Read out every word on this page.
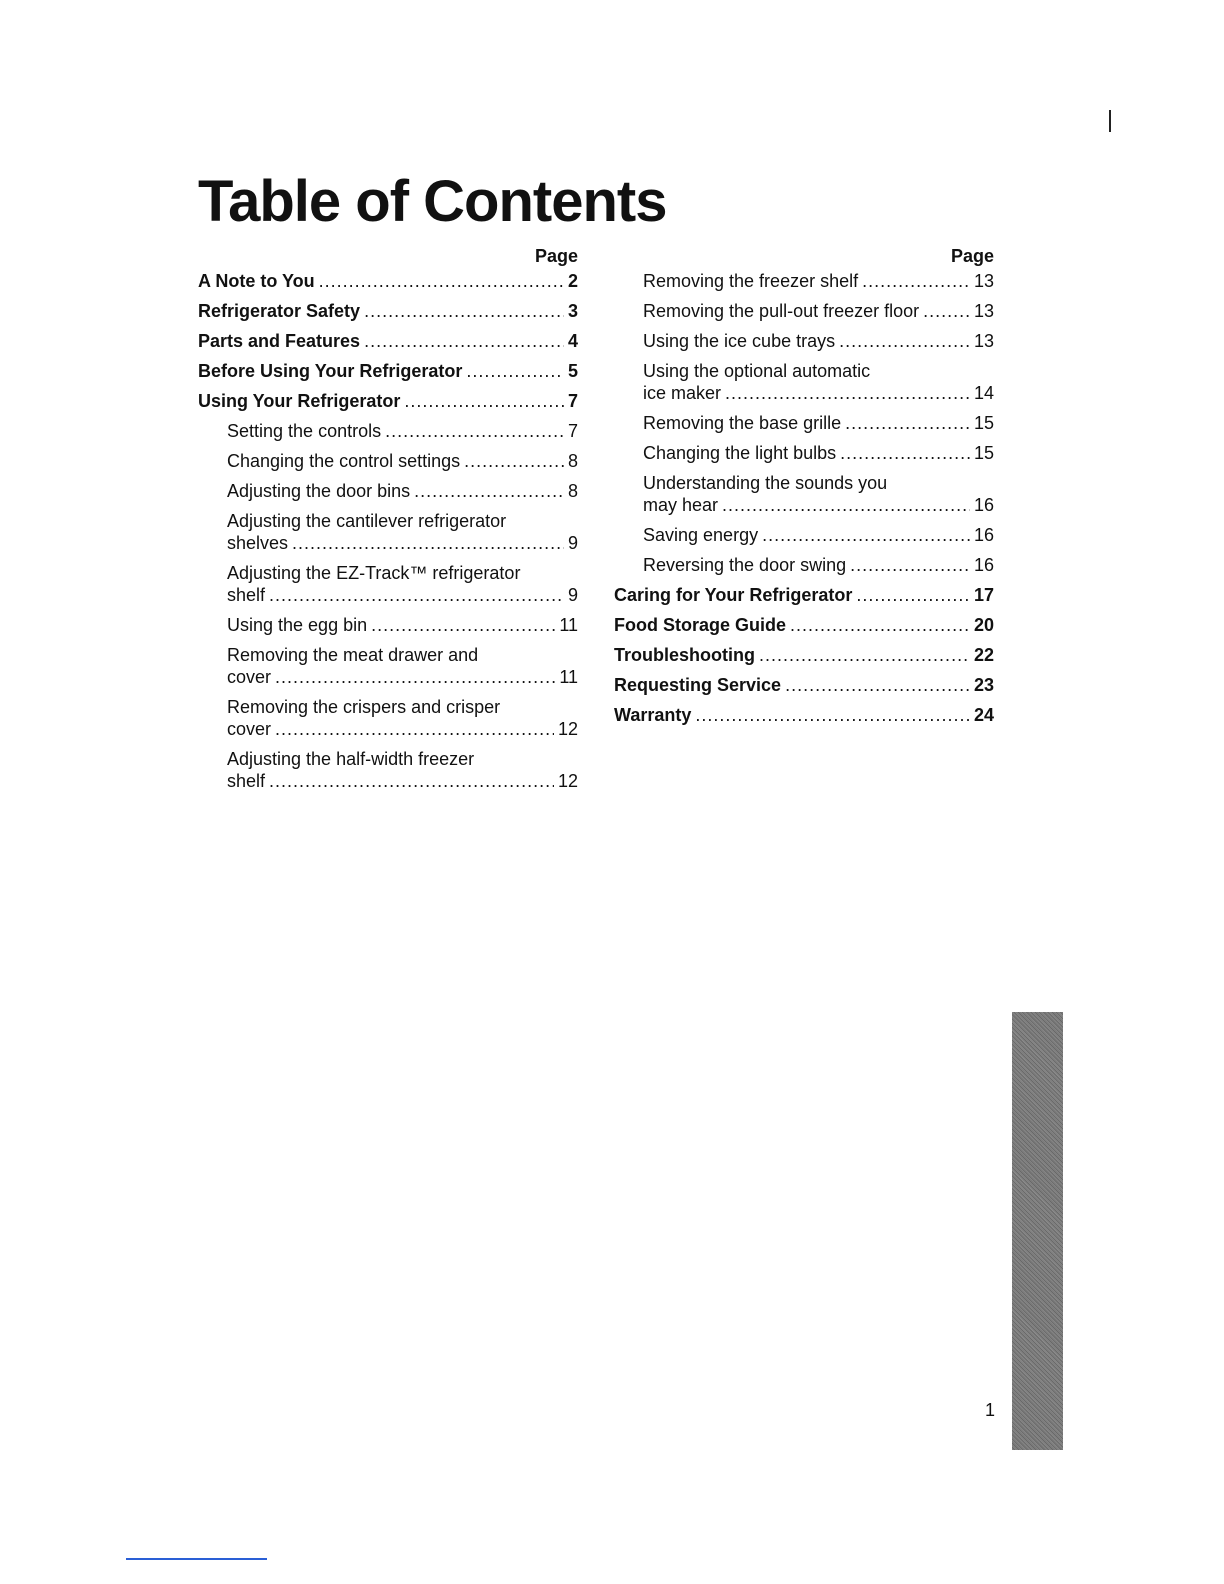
Table of Contents
Page
A Note to You . . .	2
Refrigerator Safety . . .	3
Parts and Features . . .	4
Before Using Your Refrigerator . . .	5
Using Your Refrigerator . . .	7
Setting the controls . . .	7
Changing the control settings . . .	8
Adjusting the door bins . . .	8
Adjusting the cantilever refrigerator
shelves . . .	9
Adjusting the EZ-Track™ refrigerator
shelf . . .	9
Using the egg bin . . .	11
Removing the meat drawer and
cover . . .	11
Removing the crispers and crisper
cover . . .	12
Adjusting the half-width freezer
shelf . . .	12
Page
Removing the freezer shelf . . .	13
Removing the pull-out freezer floor . . .	13
Using the ice cube trays . . .	13
Using the optional automatic
ice maker . . .	14
Removing the base grille . . .	15
Changing the light bulbs . . .	15
Understanding the sounds you
may hear . . .	16
Saving energy . . .	16
Reversing the door swing . . .	16
Caring for Your Refrigerator . . .	17
Food Storage Guide . . .	20
Troubleshooting . . .	22
Requesting Service . . .	23
Warranty . . .	24
1
